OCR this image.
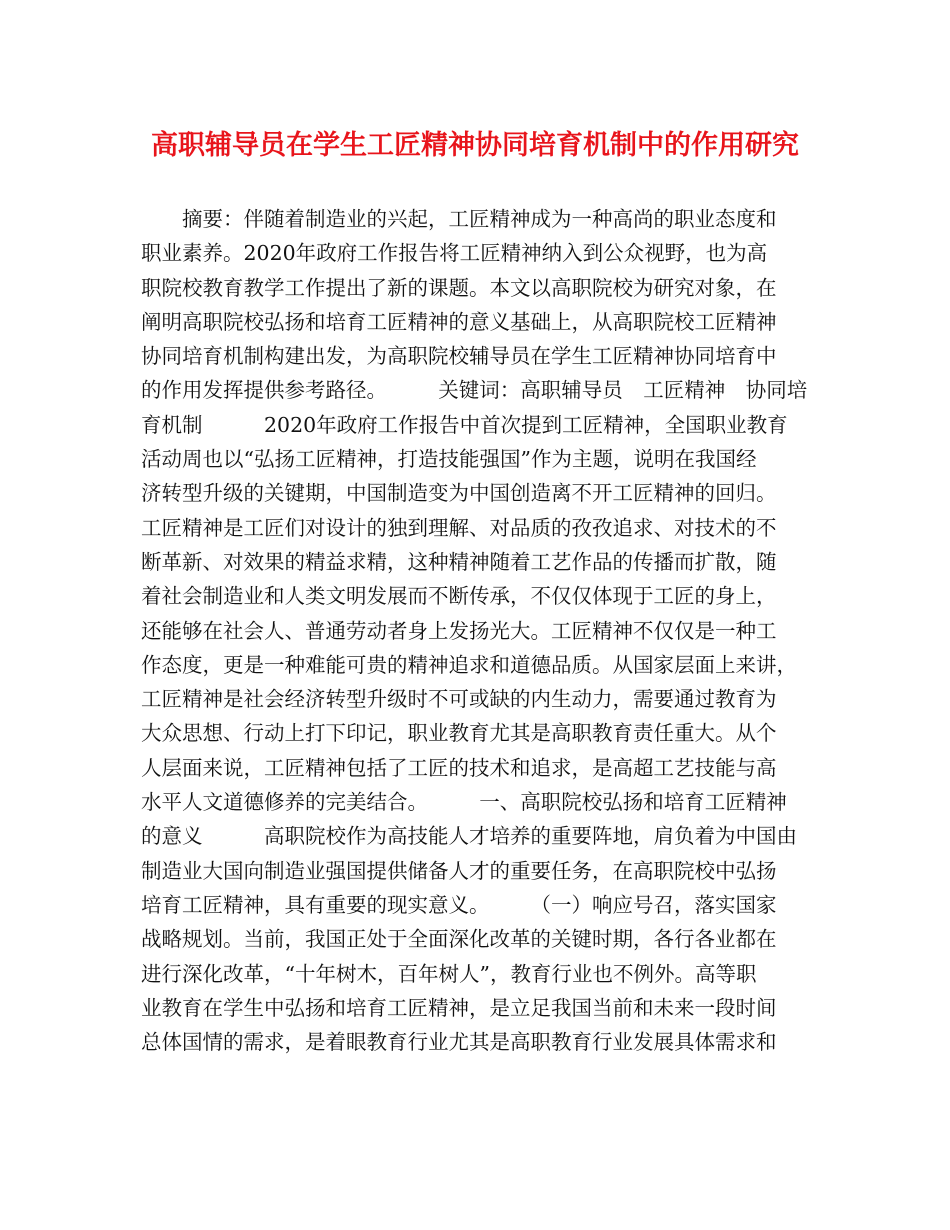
高职辅导员在学生工匠精神协同培育机制中的作用研究
　　摘要：伴随着制造业的兴起，工匠精神成为一种高尚的职业态度和
职业素养。2020年政府工作报告将工匠精神纳入到公众视野，也为高
职院校教育教学工作提出了新的课题。本文以高职院校为研究对象，在
阐明高职院校弘扬和培育工匠精神的意义基础上，从高职院校工匠精神
协同培育机制构建出发，为高职院校辅导员在学生工匠精神协同培育中
的作用发挥提供参考路径。　　　关键词：高职辅导员　工匠精神　协同培
育机制　　　2020年政府工作报告中首次提到工匠精神，全国职业教育
活动周也以“弘扬工匠精神，打造技能强国”作为主题，说明在我国经
济转型升级的关键期，中国制造变为中国创造离不开工匠精神的回归。
工匠精神是工匠们对设计的独到理解、对品质的孜孜追求、对技术的不
断革新、对效果的精益求精，这种精神随着工艺作品的传播而扩散，随
着社会制造业和人类文明发展而不断传承，不仅仅体现于工匠的身上，
还能够在社会人、普通劳动者身上发扬光大。工匠精神不仅仅是一种工
作态度，更是一种难能可贵的精神追求和道德品质。从国家层面上来讲，
工匠精神是社会经济转型升级时不可或缺的内生动力，需要通过教育为
大众思想、行动上打下印记，职业教育尤其是高职教育责任重大。从个
人层面来说，工匠精神包括了工匠的技术和追求，是高超工艺技能与高
水平人文道德修养的完美结合。　　　一、高职院校弘扬和培育工匠精神
的意义　　　高职院校作为高技能人才培养的重要阵地，肩负着为中国由
制造业大国向制造业强国提供储备人才的重要任务，在高职院校中弘扬
培育工匠精神，具有重要的现实意义。　　　（一）响应号召，落实国家
战略规划。当前，我国正处于全面深化改革的关键时期，各行各业都在
进行深化改革，“十年树木，百年树人”，教育行业也不例外。高等职
业教育在学生中弘扬和培育工匠精神，是立足我国当前和未来一段时间
总体国情的需求，是着眼教育行业尤其是高职教育行业发展具体需求和
